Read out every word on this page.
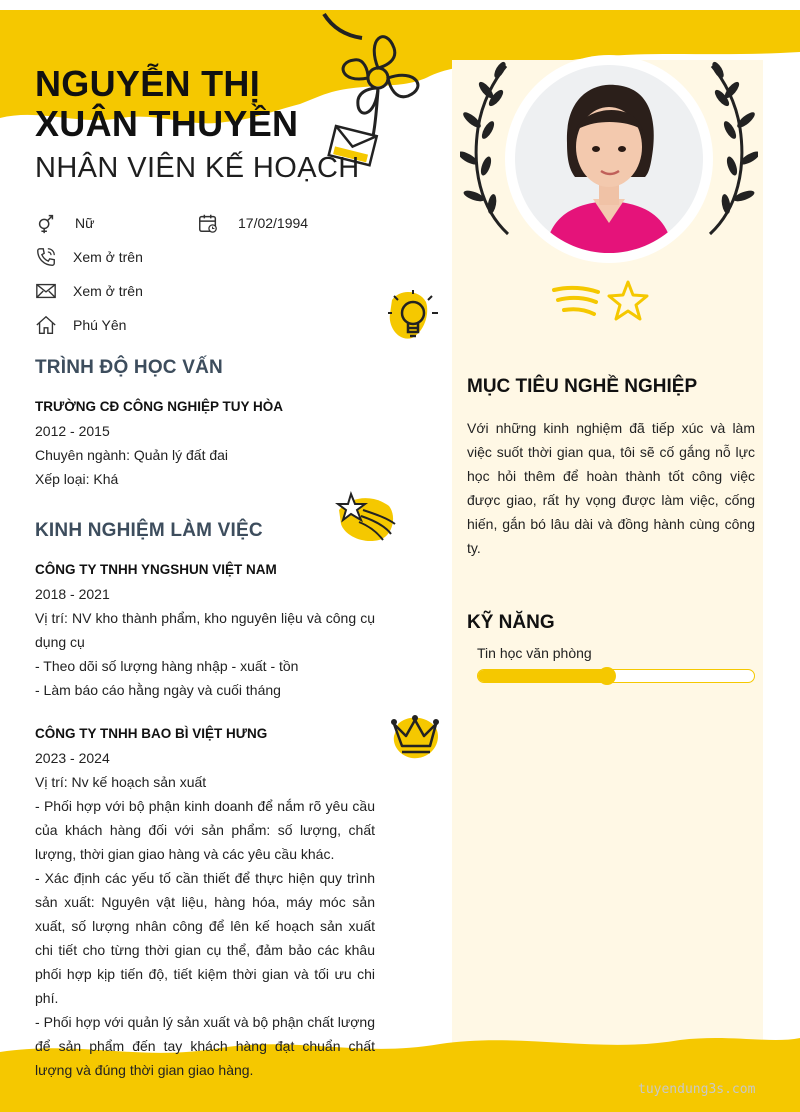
NGUYỄN THỊ
XUÂN THUYỀN
NHÂN VIÊN KẾ HOẠCH
Nữ	17/02/1994
Xem ở trên
Xem ở trên
Phú Yên
TRÌNH ĐỘ HỌC VẤN
TRƯỜNG CĐ CÔNG NGHIỆP TUY HÒA
2012 - 2015
Chuyên ngành: Quản lý đất đai
Xếp loại: Khá
KINH NGHIỆM LÀM VIỆC
CÔNG TY TNHH YNGSHUN VIỆT NAM
2018 - 2021

Vị trí: NV kho thành phẩm, kho nguyên liệu và công cụ dụng cụ

- Theo dõi số lượng hàng nhập - xuất - tồn

- Làm báo cáo hằng ngày và cuối tháng

CÔNG TY TNHH BAO BÌ VIỆT HƯNG
2023 - 2024

Vị trí: Nv kế hoạch sản xuất

- Phối hợp với bộ phận kinh doanh để nắm rõ yêu cầu của khách hàng đối với sản phẩm: số lượng, chất lượng, thời gian giao hàng và các yêu cầu khác.

- Xác định các yếu tố cần thiết để thực hiện quy trình sản xuất: Nguyên vật liệu, hàng hóa, máy móc sản xuất, số lượng nhân công để lên kế hoạch sản xuất chi tiết cho từng thời gian cụ thể, đảm bảo các khâu phối hợp kịp tiến độ, tiết kiệm thời gian và tối ưu chi phí.

- Phối hợp với quản lý sản xuất và bộ phận chất lượng để sản phẩm đến tay khách hàng đạt chuẩn chất lượng và đúng thời gian giao hàng.

MỤC TIÊU NGHỀ NGHIỆP
Với những kinh nghiệm đã tiếp xúc và làm việc suốt thời gian qua, tôi sẽ cố gắng nỗ lực học hỏi thêm để hoàn thành tốt công việc được giao, rất hy vọng được làm việc, cống hiến, gắn bó lâu dài và đồng hành cùng công ty.
KỸ NĂNG
Tin học văn phòng
tuyendung3s.com
